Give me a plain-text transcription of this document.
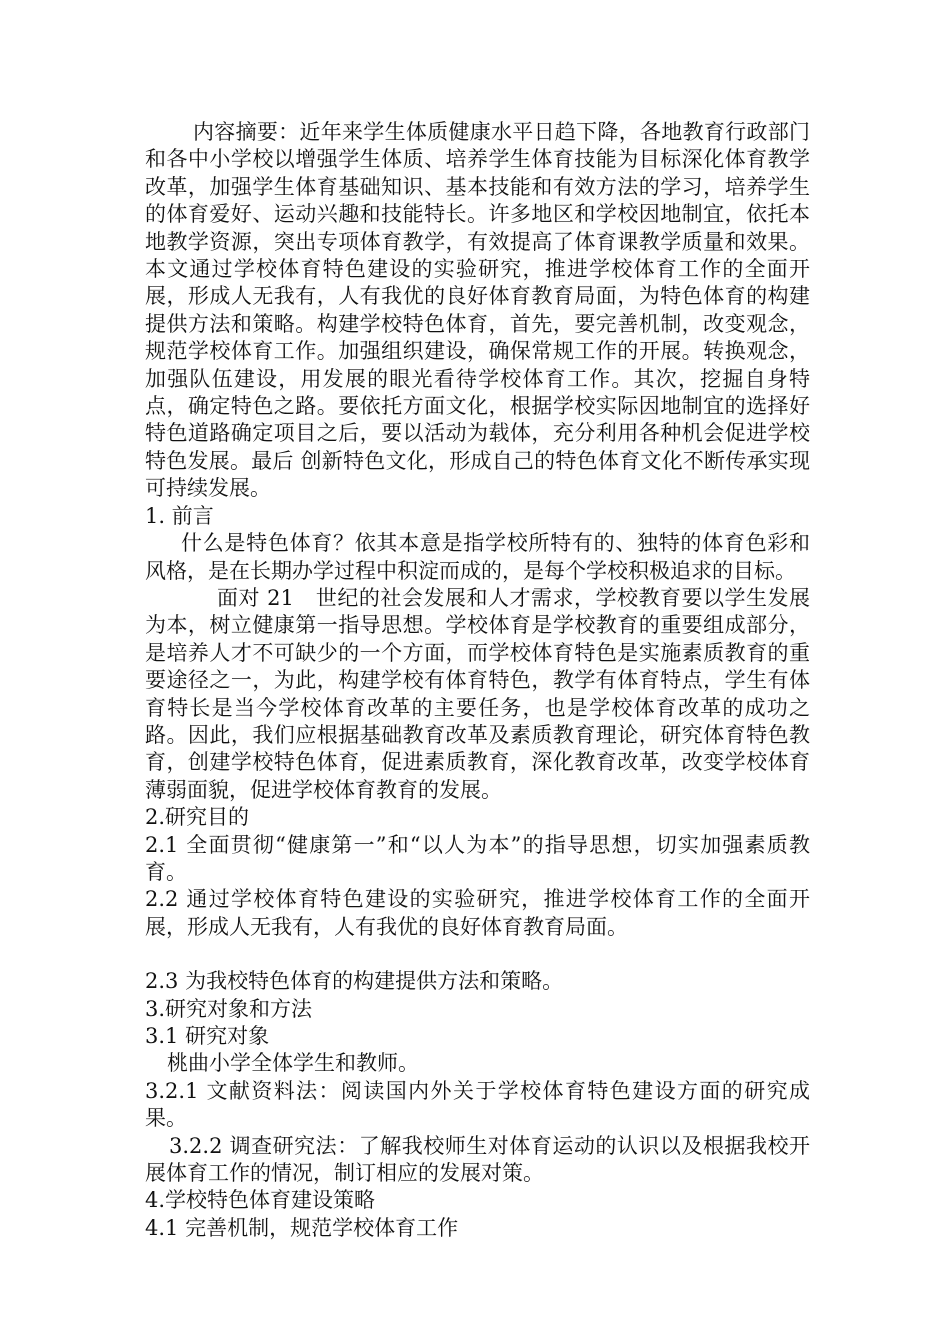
内容摘要：近年来学生体质健康水平日趋下降，各地教育行政部门和各中小学校以增强学生体质、培养学生体育技能为目标深化体育教学改革，加强学生体育基础知识、基本技能和有效方法的学习，培养学生的体育爱好、运动兴趣和技能特长。许多地区和学校因地制宜，依托本地教学资源，突出专项体育教学，有效提高了体育课教学质量和效果。本文通过学校体育特色建设的实验研究，推进学校体育工作的全面开展，形成人无我有，人有我优的良好体育教育局面，为特色体育的构建提供方法和策略。构建学校特色体育，首先，要完善机制，改变观念，规范学校体育工作。加强组织建设，确保常规工作的开展。转换观念，加强队伍建设，用发展的眼光看待学校体育工作。其次，挖掘自身特点，确定特色之路。要依托方面文化，根据学校实际因地制宜的选择好特色道路确定项目之后，要以活动为载体，充分利用各种机会促进学校特色发展。最后 创新特色文化，形成自己的特色体育文化不断传承实现可持续发展。

1. 前言

什么是特色体育？依其本意是指学校所特有的、独特的体育色彩和风格，是在长期办学过程中积淀而成的，是每个学校积极追求的目标。

面对 21　世纪的社会发展和人才需求，学校教育要以学生发展为本，树立健康第一指导思想。学校体育是学校教育的重要组成部分，是培养人才不可缺少的一个方面，而学校体育特色是实施素质教育的重要途径之一，为此，构建学校有体育特色，教学有体育特点，学生有体育特长是当今学校体育改革的主要任务，也是学校体育改革的成功之路。因此，我们应根据基础教育改革及素质教育理论，研究体育特色教育，创建学校特色体育，促进素质教育，深化教育改革，改变学校体育薄弱面貌，促进学校体育教育的发展。

2.研究目的

2.1 全面贯彻“健康第一”和“以人为本”的指导思想，切实加强素质教育。

2.2 通过学校体育特色建设的实验研究，推进学校体育工作的全面开展，形成人无我有，人有我优的良好体育教育局面。

2.3 为我校特色体育的构建提供方法和策略。

3.研究对象和方法

3.1 研究对象

桃曲小学全体学生和教师。

3.2.1 文献资料法：阅读国内外关于学校体育特色建设方面的研究成果。

3.2.2 调查研究法：了解我校师生对体育运动的认识以及根据我校开展体育工作的情况，制订相应的发展对策。

4.学校特色体育建设策略

4.1 完善机制，规范学校体育工作
